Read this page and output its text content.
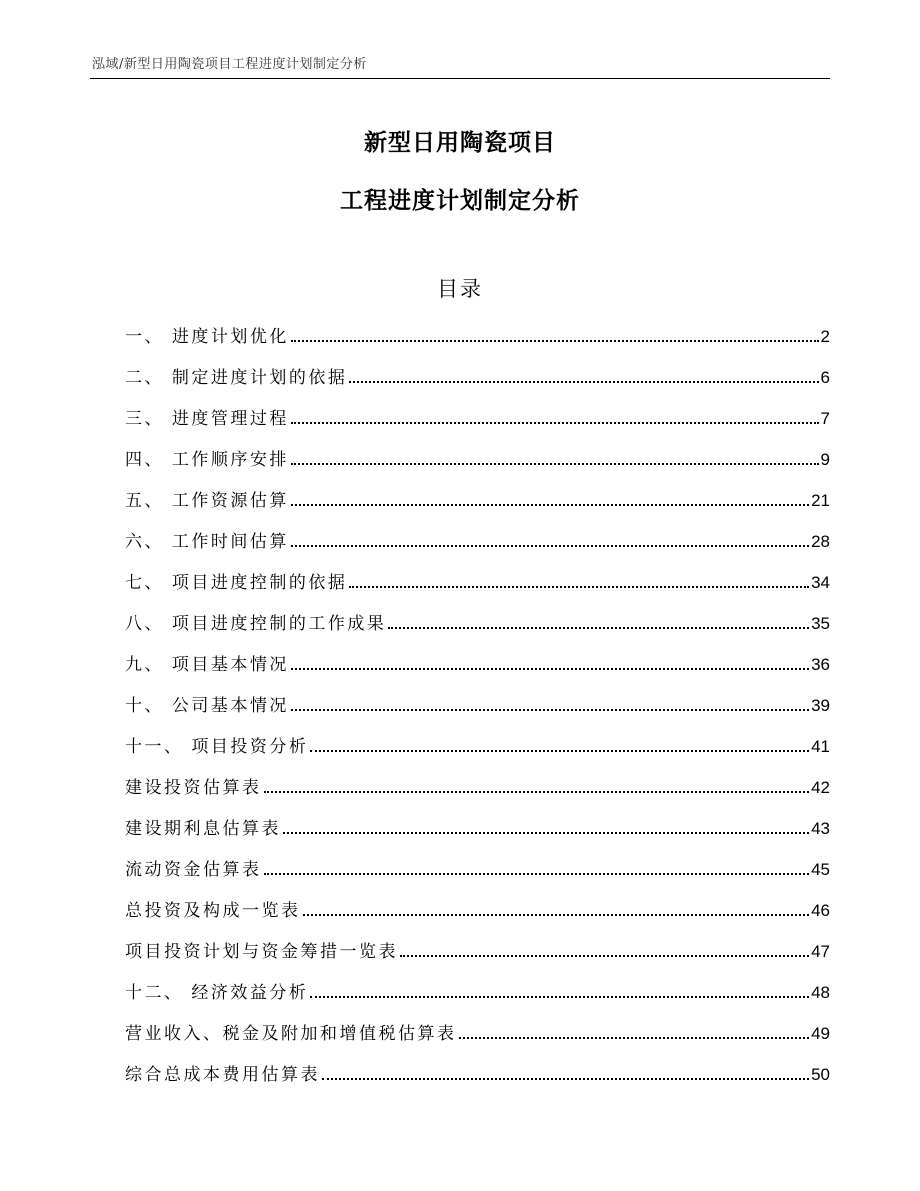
泓域/新型日用陶瓷项目工程进度计划制定分析
新型日用陶瓷项目
工程进度计划制定分析
目录
一、 进度计划优化	2
二、 制定进度计划的依据	6
三、 进度管理过程	7
四、 工作顺序安排	9
五、 工作资源估算	21
六、 工作时间估算	28
七、 项目进度控制的依据	34
八、 项目进度控制的工作成果	35
九、 项目基本情况	36
十、 公司基本情况	39
十一、 项目投资分析	41
建设投资估算表	42
建设期利息估算表	43
流动资金估算表	45
总投资及构成一览表	46
项目投资计划与资金筹措一览表	47
十二、 经济效益分析	48
营业收入、税金及附加和增值税估算表	49
综合总成本费用估算表	50
